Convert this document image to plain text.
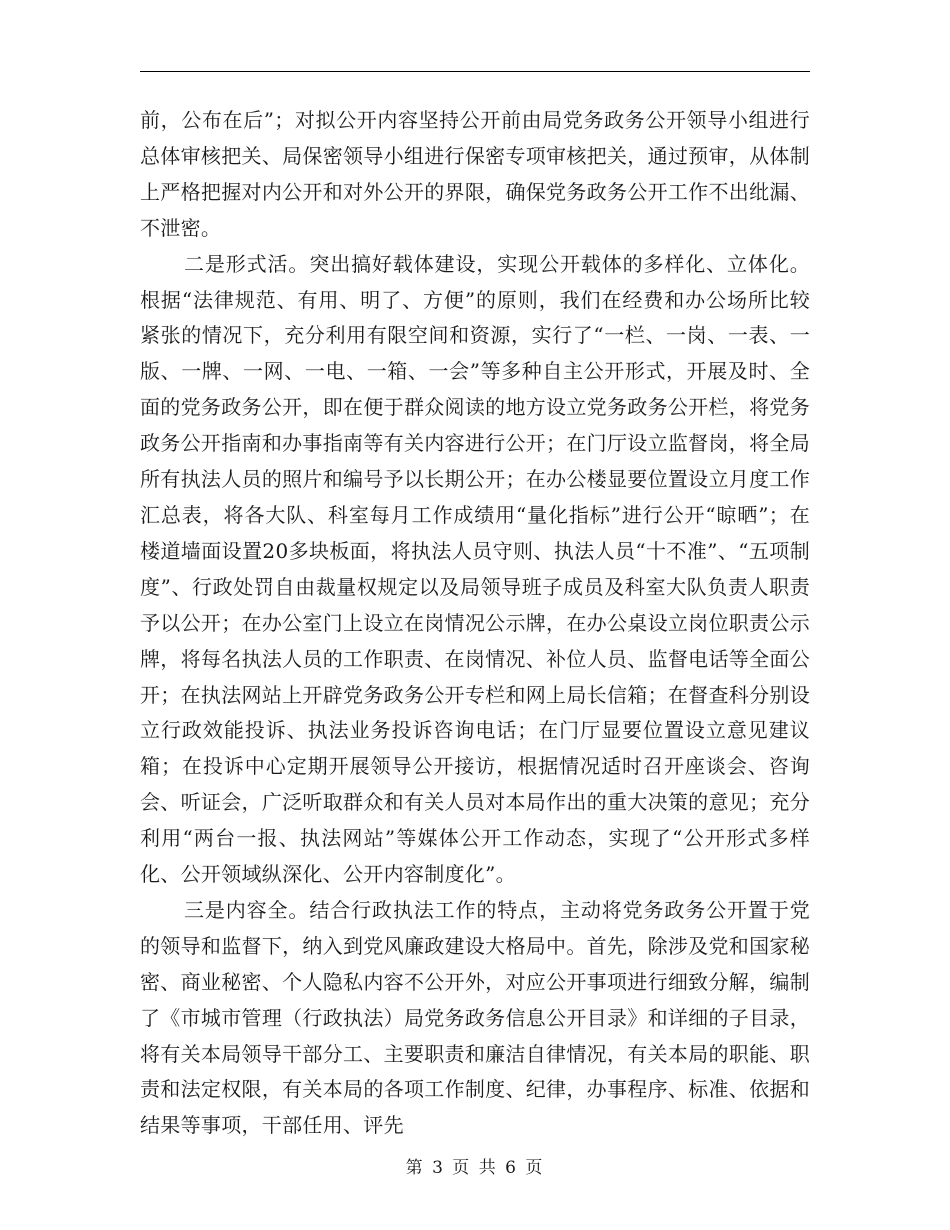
前，公布在后”；对拟公开内容坚持公开前由局党务政务公开领导小组进行总体审核把关、局保密领导小组进行保密专项审核把关，通过预审，从体制上严格把握对内公开和对外公开的界限，确保党务政务公开工作不出纰漏、不泄密。

二是形式活。突出搞好载体建设，实现公开载体的多样化、立体化。根据“法律规范、有用、明了、方便”的原则，我们在经费和办公场所比较紧张的情况下，充分利用有限空间和资源，实行了“一栏、一岗、一表、一版、一牌、一网、一电、一箱、一会”等多种自主公开形式，开展及时、全面的党务政务公开，即在便于群众阅读的地方设立党务政务公开栏，将党务政务公开指南和办事指南等有关内容进行公开；在门厅设立监督岗，将全局所有执法人员的照片和编号予以长期公开；在办公楼显要位置设立月度工作汇总表，将各大队、科室每月工作成绩用“量化指标”进行公开“晾晒”；在楼道墙面设置20多块板面，将执法人员守则、执法人员“十不准”、“五项制度”、行政处罚自由裁量权规定以及局领导班子成员及科室大队负责人职责予以公开；在办公室门上设立在岗情况公示牌，在办公桌设立岗位职责公示牌，将每名执法人员的工作职责、在岗情况、补位人员、监督电话等全面公开；在执法网站上开辟党务政务公开专栏和网上局长信箱；在督查科分别设立行政效能投诉、执法业务投诉咨询电话；在门厅显要位置设立意见建议箱；在投诉中心定期开展领导公开接访，根据情况适时召开座谈会、咨询会、听证会，广泛听取群众和有关人员对本局作出的重大决策的意见；充分利用“两台一报、执法网站”等媒体公开工作动态，实现了“公开形式多样化、公开领域纵深化、公开内容制度化”。

三是内容全。结合行政执法工作的特点，主动将党务政务公开置于党的领导和监督下，纳入到党风廉政建设大格局中。首先，除涉及党和国家秘密、商业秘密、个人隐私内容不公开外，对应公开事项进行细致分解，编制了《市城市管理（行政执法）局党务政务信息公开目录》和详细的子目录，将有关本局领导干部分工、主要职责和廉洁自律情况，有关本局的职能、职责和法定权限，有关本局的各项工作制度、纪律，办事程序、标准、依据和结果等事项，干部任用、评先

第 3 页 共 6 页
